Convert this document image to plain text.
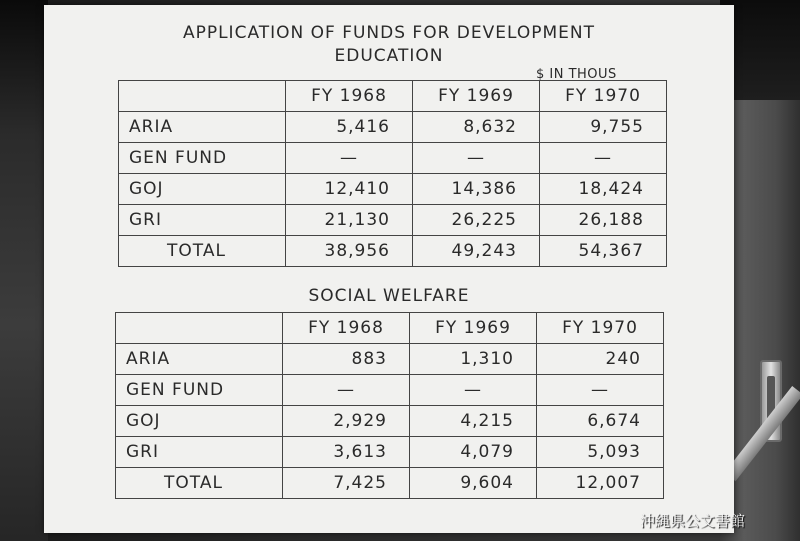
APPLICATION OF FUNDS FOR DEVELOPMENT
EDUCATION
$ IN THOUS
	FY 1968	FY 1969	FY 1970
ARIA	5,416	8,632	9,755
GEN FUND	—	—	—
GOJ	12,410	14,386	18,424
GRI	21,130	26,225	26,188
TOTAL	38,956	49,243	54,367
SOCIAL WELFARE
	FY 1968	FY 1969	FY 1970
ARIA	883	1,310	240
GEN FUND	—	—	—
GOJ	2,929	4,215	6,674
GRI	3,613	4,079	5,093
TOTAL	7,425	9,604	12,007
沖縄県公文書館
